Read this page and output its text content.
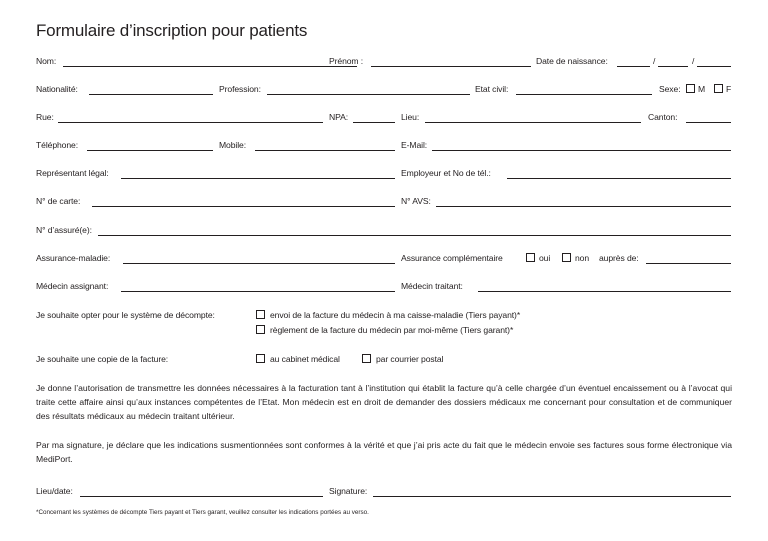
Formulaire d’inscription pour patients
Nom:	Prénom :	Date de naissance:	/	/
Nationalité:	Profession:	Etat civil:	Sexe: M F
Rue:	NPA:	Lieu:	Canton:
Téléphone:	Mobile:	E-Mail:
Représentant légal:	Employeur et No de tél.:
N° de carte:	N° AVS:
N° d’assuré(e):
Assurance-maladie:	Assurance complémentaire	oui	non auprès de:
Médecin assignant:	Médecin traitant:
Je souhaite opter pour le système de décompte:	envoi de la facture du médecin à ma caisse-maladie (Tiers payant)*
règlement de la facture du médecin par moi-même (Tiers garant)*
Je souhaite une copie de la facture:	au cabinet médical	par courrier postal
Je donne l’autorisation de transmettre les données nécessaires à la facturation tant à l’institution qui établit la facture qu’à celle chargée d’un éventuel encaissement ou à l’avocat qui traite cette affaire ainsi qu’aux instances compétentes de l’Etat. Mon médecin est en droit de demander des dossiers médicaux me concernant pour consultation et de communiquer des résultats médicaux au médecin traitant ultérieur.
Par ma signature, je déclare que les indications susmentionnées sont conformes à la vérité et que j’ai pris acte du fait que le médecin envoie ses factures sous forme électronique via MediPort.
Lieu/date:	Signature:
*Concernant les systèmes de décompte Tiers payant et Tiers garant, veuillez consulter les indications portées au verso.
